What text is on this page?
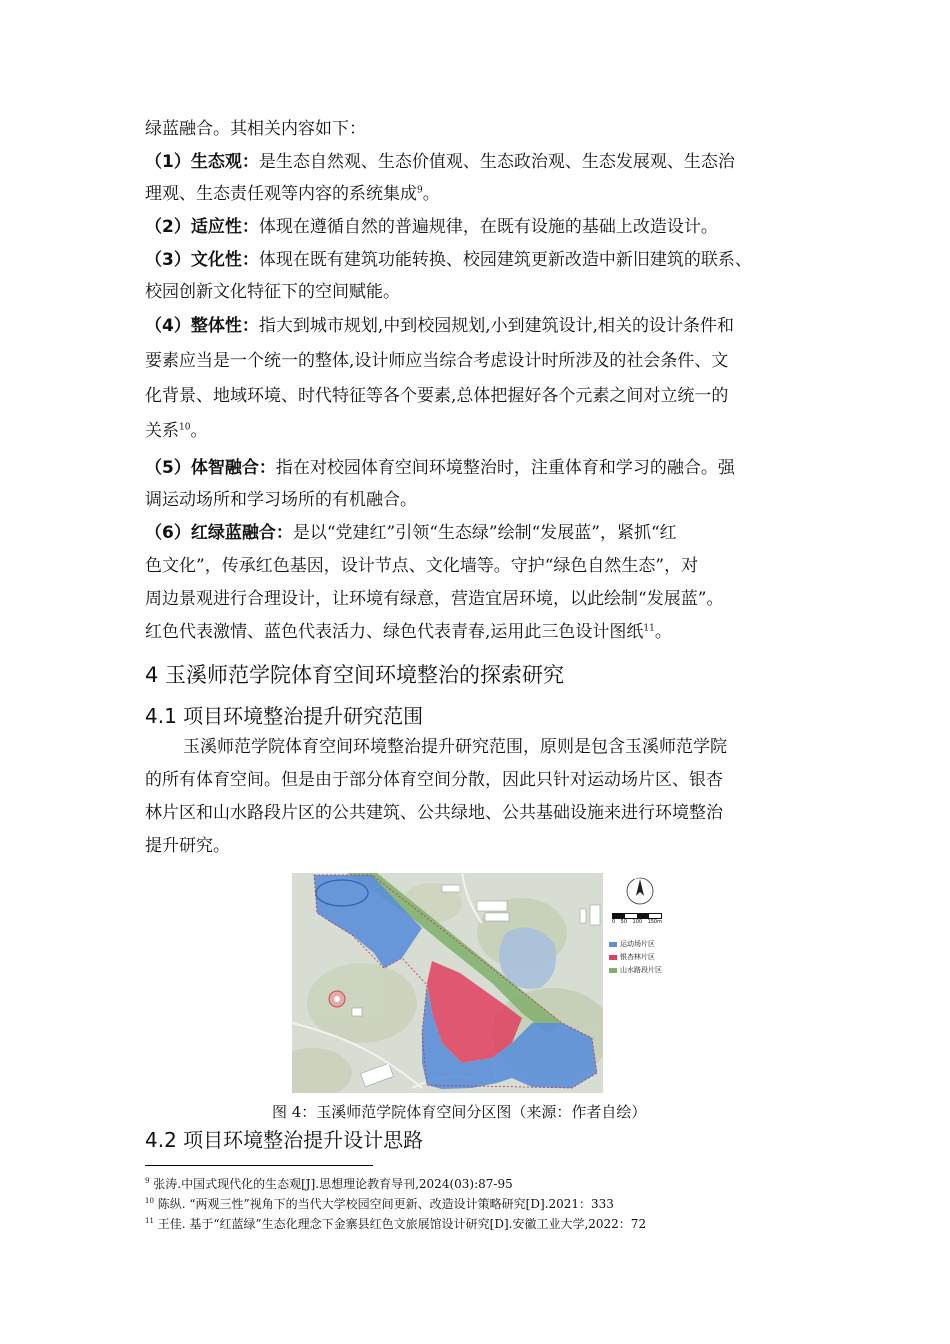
绿蓝融合。其相关内容如下：
（1）生态观：是生态自然观、生态价值观、生态政治观、生态发展观、生态治
理观、生态责任观等内容的系统集成$^9$。
（2）适应性：体现在遵循自然的普遍规律，在既有设施的基础上改造设计。
（3）文化性：体现在既有建筑功能转换、校园建筑更新改造中新旧建筑的联系、
校园创新文化特征下的空间赋能。
（4）整体性：指大到城市规划,中到校园规划,小到建筑设计,相关的设计条件和
要素应当是一个统一的整体,设计师应当综合考虑设计时所涉及的社会条件、文
化背景、地域环境、时代特征等各个要素,总体把握好各个元素之间对立统一的
关系$^{10}$。
（5）体智融合：指在对校园体育空间环境整治时，注重体育和学习的融合。强
调运动场所和学习场所的有机融合。
（6）红绿蓝融合：是以“党建红”引领“生态绿”绘制“发展蓝”，紧抓“红
色文化”，传承红色基因，设计节点、文化墙等。守护“绿色自然生态”，对
周边景观进行合理设计，让环境有绿意，营造宜居环境，以此绘制“发展蓝”。
红色代表激情、蓝色代表活力、绿色代表青春,运用此三色设计图纸$^{11}$。
4 玉溪师范学院体育空间环境整治的探索研究
4.1 项目环境整治提升研究范围
玉溪师范学院体育空间环境整治提升研究范围，原则是包含玉溪师范学院
的所有体育空间。但是由于部分体育空间分散，因此只针对运动场片区、银杏
林片区和山水路段片区的公共建筑、公共绿地、公共基础设施来进行环境整治
提升研究。
N
0 50 100 150m
运动场片区
银杏林片区
山水路段片区
图 4：玉溪师范学院体育空间分区图（来源：作者自绘）
4.2 项目环境整治提升设计思路
$^9$ 张涛.中国式现代化的生态观[J].思想理论教育导刊,2024(03):87-95
$^{10}$ 陈纵. “两观三性”视角下的当代大学校园空间更新、改造设计策略研究[D].2021：333
$^{11}$ 王佳. 基于“红蓝绿”生态化理念下金寨县红色文旅展馆设计研究[D].安徽工业大学,2022：72
